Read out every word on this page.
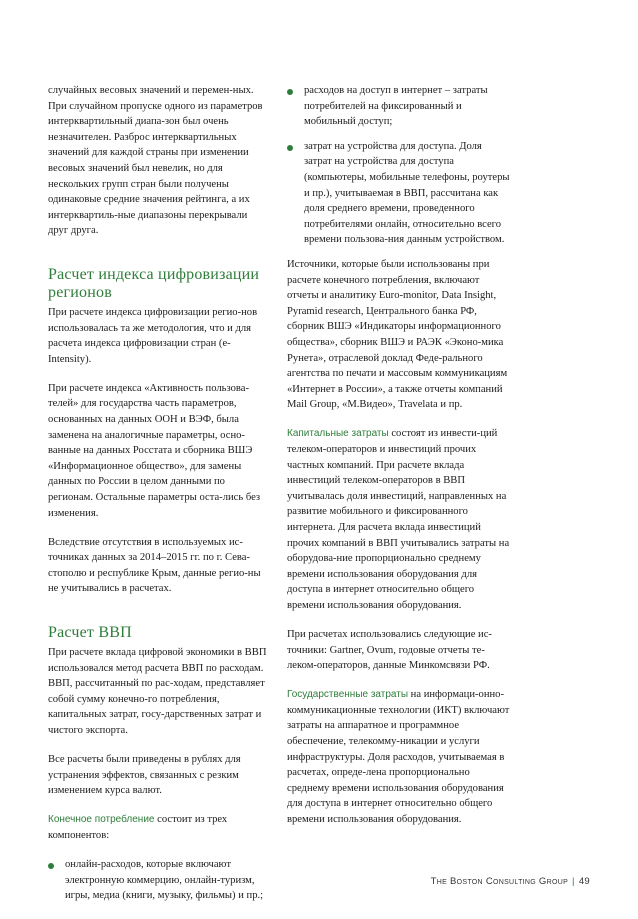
случайных весовых значений и перемен-ных. При случайном пропуске одного из параметров интерквартильный диапа-зон был очень незначителен. Разброс интерквартильных значений для каждой страны при изменении весовых значений был невелик, но для нескольких групп стран были получены одинаковые средние значения рейтинга, а их интерквартиль-ные диапазоны перекрывали друг друга.

Расчет индекса цифровизации регионов

При расчете индекса цифровизации регио-нов использовалась та же методология, что и для расчета индекса цифровизации стран (e-Intensity).

При расчете индекса «Активность пользова-телей» для государства часть параметров, основанных на данных ООН и ВЭФ, была заменена на аналогичные параметры, осно-ванные на данных Росстата и сборника ВШЭ «Информационное общество», для замены данных по России в целом данными по регионам. Остальные параметры оста-лись без изменения.

Вследствие отсутствия в используемых ис-точниках данных за 2014–2015 гг. по г. Сева-стополю и республике Крым, данные регио-ны не учитывались в расчетах.

Расчет ВВП

При расчете вклада цифровой экономики в ВВП использовался метод расчета ВВП по расходам. ВВП, рассчитанный по рас-ходам, представляет собой сумму конечно-го потребления, капитальных затрат, госу-дарственных затрат и чистого экспорта.

Все расчеты были приведены в рублях для устранения эффектов, связанных с резким изменением курса валют.

Конечное потребление состоит из трех компонентов:

онлайн-расходов, которые включают электронную коммерцию, онлайн-туризм, игры, медиа (книги, музыку, фильмы) и пр.;
расходов на доступ в интернет – затраты потребителей на фиксированный и мобильный доступ;
затрат на устройства для доступа. Доля затрат на устройства для доступа (компьютеры, мобильные телефоны, роутеры и пр.), учитываемая в ВВП, рассчитана как доля среднего времени, проведенного потребителями онлайн, относительно всего времени пользова-ния данным устройством.

Источники, которые были использованы при расчете конечного потребления, включают отчеты и аналитику Euro-monitor, Data Insight, Pyramid research, Центрального банка РФ, сборник ВШЭ «Индикаторы информационного общества», сборник ВШЭ и РАЭК «Эконо-мика Рунета», отраслевой доклад Феде-рального агентства по печати и массовым коммуникациям «Интернет в России», а также отчеты компаний Mail Group, «М.Видео», Travelata и пр.

Капитальные затраты состоят из инвести-ций телеком-операторов и инвестиций прочих частных компаний. При расчете вклада инвестиций телеком-операторов в ВВП учитывалась доля инвестиций, направленных на развитие мобильного и фиксированного интернета. Для расчета вклада инвестиций прочих компаний в ВВП учитывались затраты на оборудова-ние пропорционально среднему времени использования оборудования для доступа в интернет относительно общего времени использования оборудования.

При расчетах использовались следующие ис-точники: Gartner, Ovum, годовые отчеты те-леком-операторов, данные Минкомсвязи РФ.

Государственные затраты на информаци-онно-коммуникационные технологии (ИКТ) включают затраты на аппаратное и программное обеспечение, телекомму-никации и услуги инфраструктуры. Доля расходов, учитываемая в расчетах, опреде-лена пропорционально среднему времени использования оборудования для доступа в интернет относительно общего времени использования оборудования.

The Boston Consulting Group | 49
